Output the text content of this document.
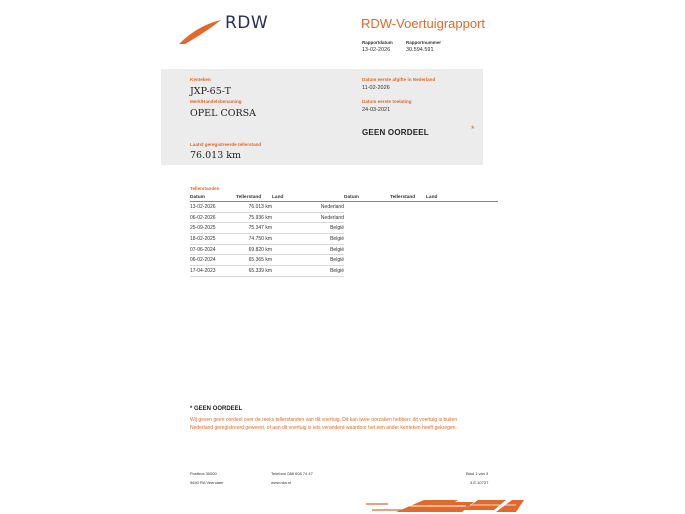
RDW	RDW-Voertuigrapport
Rapportdatum
13-02-2026
Rapportnummer
30.594.591
Kenteken
JXP-65-T
Merk/Handelsbenaming
OPEL CORSA
Laatst geregistreerde tellerstand
76.013 km
Datum eerste afgifte in Nederland
11-02-2026
Datum eerste toelating
24-03-2021
GEEN OORDEEL	*
Tellerstanden
Datum	Tellerstand	Land
13-02-2026	76.013 km	Nederland
06-02-2026	75.936 km	Nederland
25-09-2025	75.347 km	België
18-02-2025	74.750 km	België
07-06-2024	69.820 km	België
06-02-2024	65.365 km	België
17-04-2023	65.339 km	België
Datum	Tellerstand	Land
* GEEN OORDEEL
Wij geven geen oordeel over de reeks tellerstanden van dit voertuig. Dit kan twee oorzaken hebben: dit voertuig is buiten Nederland geregistreerd geweest, of aan dit voertuig is iets veranderd waardoor het een ander kenteken heeft gekregen.
Postbus 30000
9640 RA Veendam
Telefoon 088 008 74 47
www.rdw.nl
Blad 1 van 3
3.E.1073T
